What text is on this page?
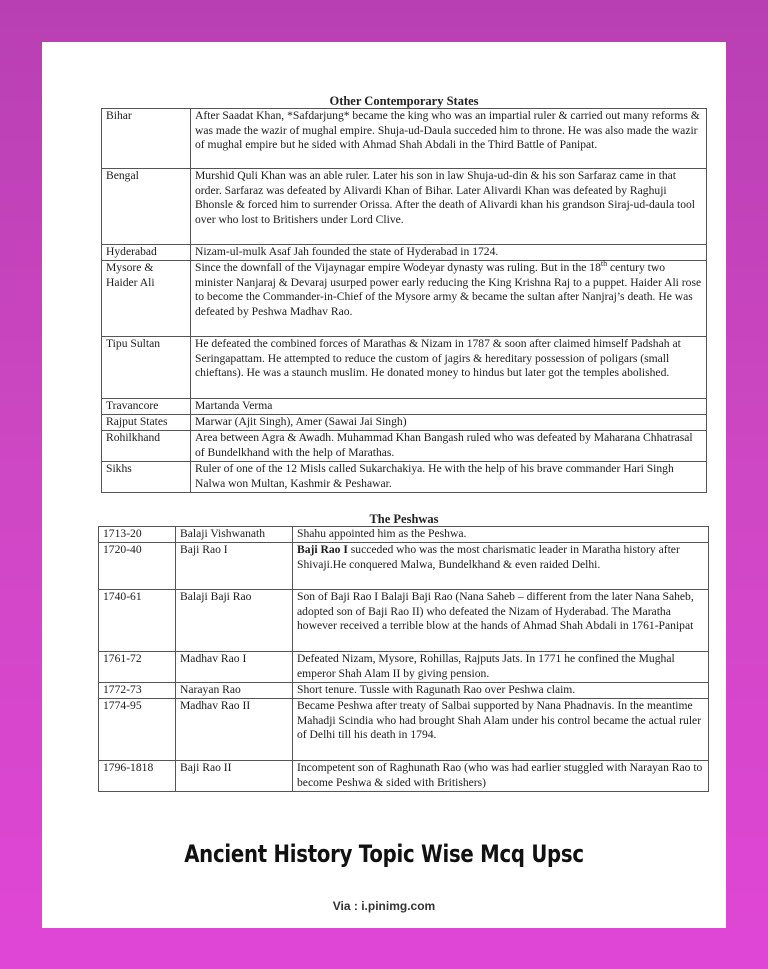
Other Contemporary States

Bihar	After Saadat Khan, *Safdarjung* became the king who was an impartial ruler & carried out many reforms & was made the wazir of mughal empire. Shuja-ud-Daula succeded him to throne. He was also made the wazir of mughal empire but he sided with Ahmad Shah Abdali in the Third Battle of Panipat.
Bengal	Murshid Quli Khan was an able ruler. Later his son in law Shuja-ud-din & his son Sarfaraz came in that order. Sarfaraz was defeated by Alivardi Khan of Bihar. Later Alivardi Khan was defeated by Raghuji Bhonsle & forced him to surrender Orissa. After the death of Alivardi khan his grandson Siraj-ud-daula tool over who lost to Britishers under Lord Clive.
Hyderabad	Nizam-ul-mulk Asaf Jah founded the state of Hyderabad in 1724.
Mysore & Haider Ali	Since the downfall of the Vijaynagar empire Wodeyar dynasty was ruling. But in the 18th century two minister Nanjaraj & Devaraj usurped power early reducing the King Krishna Raj to a puppet. Haider Ali rose to become the Commander-in-Chief of the Mysore army & became the sultan after Nanjraj’s death. He was defeated by Peshwa Madhav Rao.
Tipu Sultan	He defeated the combined forces of Marathas & Nizam in 1787 & soon after claimed himself Padshah at Seringapattam. He attempted to reduce the custom of jagirs & hereditary possession of poligars (small chieftans). He was a staunch muslim. He donated money to hindus but later got the temples abolished.
Travancore	Martanda Verma
Rajput States	Marwar (Ajit Singh), Amer (Sawai Jai Singh)
Rohilkhand	Area between Agra & Awadh. Muhammad Khan Bangash ruled who was defeated by Maharana Chhatrasal of Bundelkhand with the help of Marathas.
Sikhs	Ruler of one of the 12 Misls called Sukarchakiya. He with the help of his brave commander Hari Singh Nalwa won Multan, Kashmir & Peshawar.

The Peshwas

1713-20	Balaji Vishwanath	Shahu appointed him as the Peshwa.
1720-40	Baji Rao I	Baji Rao I succeded who was the most charismatic leader in Maratha history after Shivaji.He conquered Malwa, Bundelkhand & even raided Delhi.
1740-61	Balaji Baji Rao	Son of Baji Rao I Balaji Baji Rao (Nana Saheb – different from the later Nana Saheb, adopted son of Baji Rao II) who defeated the Nizam of Hyderabad. The Maratha however received a terrible blow at the hands of Ahmad Shah Abdali in 1761-Panipat
1761-72	Madhav Rao I	Defeated Nizam, Mysore, Rohillas, Rajputs Jats. In 1771 he confined the Mughal emperor Shah Alam II by giving pension.
1772-73	Narayan Rao	Short tenure. Tussle with Ragunath Rao over Peshwa claim.
1774-95	Madhav Rao II	Became Peshwa after treaty of Salbai supported by Nana Phadnavis. In the meantime Mahadji Scindia who had brought Shah Alam under his control became the actual ruler of Delhi till his death in 1794.
1796-1818	Baji Rao II	Incompetent son of Raghunath Rao (who was had earlier stuggled with Narayan Rao to become Peshwa & sided with Britishers)
Ancient History Topic Wise Mcq Upsc
Via : i.pinimg.com
